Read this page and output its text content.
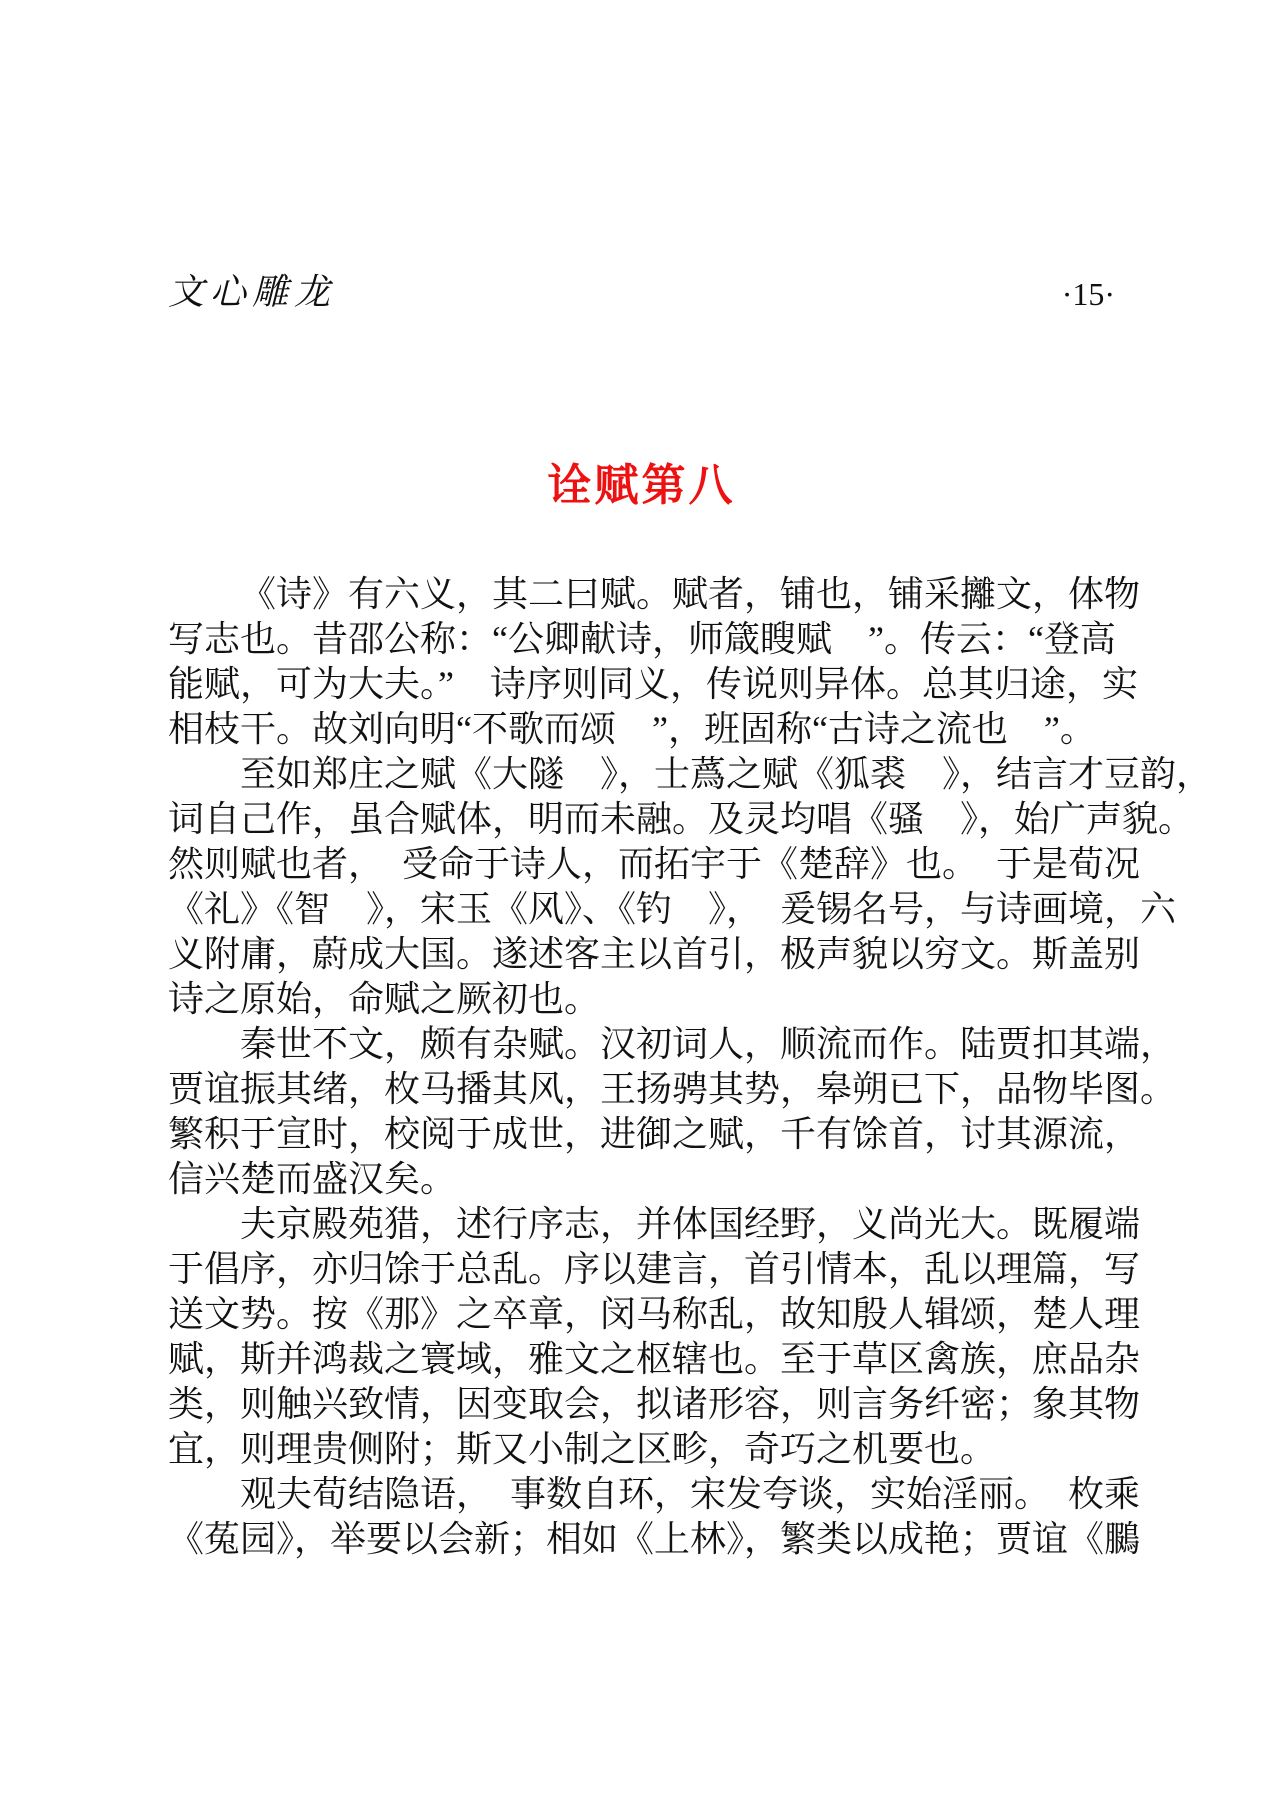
文心雕龙	·15·
诠赋第八
《诗》有六义，其二曰赋。赋者，铺也，铺采攡文，体物
写志也。昔邵公称：“公卿献诗，师箴瞍赋　”。传云：“登高
能赋，可为大夫。”　诗序则同义，传说则异体。总其归途，实
相枝干。故刘向明“不歌而颂　”，班固称“古诗之流也　”。
至如郑庄之赋《大隧　》，士蔿之赋《狐裘　》，结言才豆韵，
词自己作，虽合赋体，明而未融。及灵均唱《骚　》，始广声貌。
然则赋也者，　受命于诗人，而拓宇于《楚辞》也。　于是荀况
《礼》《智　》，宋玉《风》、《钓　》，　爰锡名号，与诗画境，六
义附庸，蔚成大国。遂述客主以首引，极声貌以穷文。斯盖别
诗之原始，命赋之厥初也。
秦世不文，颇有杂赋。汉初词人，顺流而作。陆贾扣其端，
贾谊振其绪，枚马播其风，王扬骋其势，皋朔已下，品物毕图。
繁积于宣时，校阅于成世，进御之赋，千有馀首，讨其源流，
信兴楚而盛汉矣。
夫京殿苑猎，述行序志，并体国经野，义尚光大。既履端
于倡序，亦归馀于总乱。序以建言，首引情本，乱以理篇，写
送文势。按《那》之卒章，闵马称乱，故知殷人辑颂，楚人理
赋，斯并鸿裁之寰域，雅文之枢辖也。至于草区禽族，庶品杂
类，则触兴致情，因变取会，拟诸形容，则言务纤密；象其物
宜，则理贵侧附；斯又小制之区畛，奇巧之机要也。
观夫荀结隐语，　事数自环，宋发夸谈，实始淫丽。　枚乘
《菟园》，举要以会新；相如《上林》，繁类以成艳；贾谊《鵩
